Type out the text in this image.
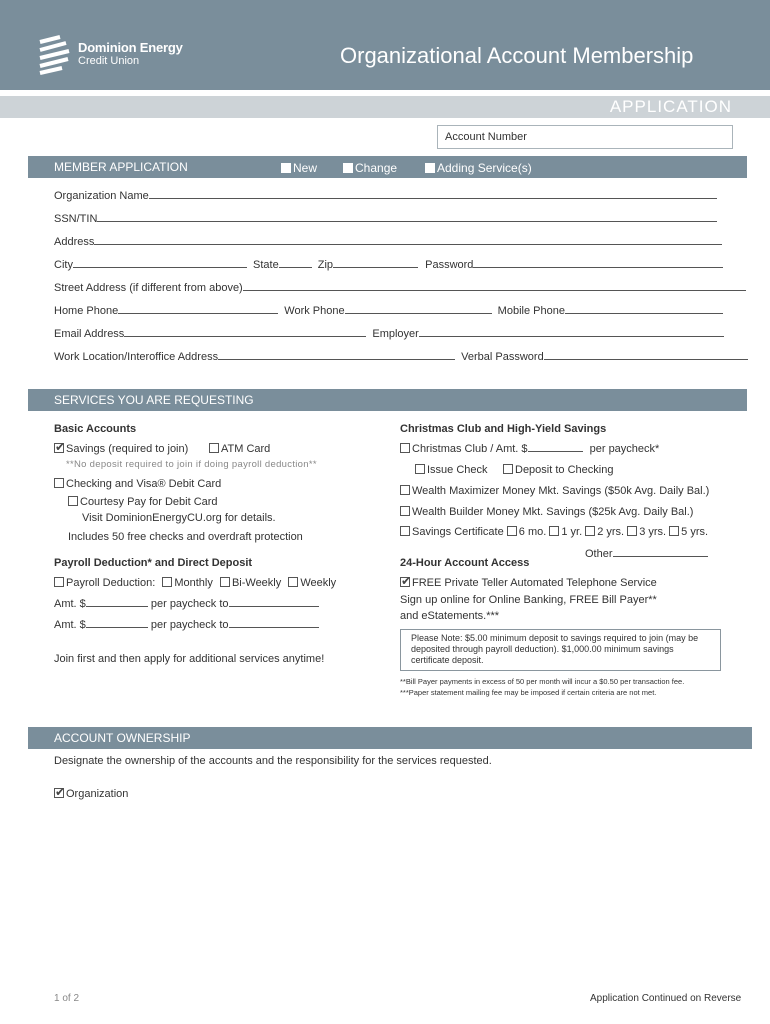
Dominion Energy
Credit Union	Organizational Account Membership
APPLICATION
Account Number
MEMBER APPLICATION	New	Change	Adding Service(s)
Organization Name
SSN/TIN
Address
City	State	Zip	Password
Street Address (if different from above)
Home Phone	Work Phone	Mobile Phone
Email Address	Employer
Work Location/Interoffice Address	Verbal Password
SERVICES YOU ARE REQUESTING
Basic Accounts
✔Savings (required to join)	ATM Card
**No deposit required to join if doing payroll deduction**
Checking and Visa® Debit Card
Courtesy Pay for Debit Card
Visit DominionEnergyCU.org for details.
Includes 50 free checks and overdraft protection
Payroll Deduction* and Direct Deposit
Payroll Deduction: Monthly Bi-Weekly Weekly
Amt. $	per paycheck to
Amt. $	per paycheck to
Join first and then apply for additional services anytime!
Christmas Club and High-Yield Savings
Christmas Club / Amt. $	per paycheck*
Issue Check	Deposit to Checking
Wealth Maximizer Money Mkt. Savings ($50k Avg. Daily Bal.)
Wealth Builder Money Mkt. Savings ($25k Avg. Daily Bal.)
Savings Certificate 6 mo. 1 yr. 2 yrs. 3 yrs. 5 yrs.
Other
24-Hour Account Access
✔FREE Private Teller Automated Telephone Service
Sign up online for Online Banking, FREE Bill Payer**
and eStatements.***
Please Note: $5.00 minimum deposit to savings required to join (may be deposited through payroll deduction). $1,000.00 minimum savings certificate deposit.
**Bill Payer payments in excess of 50 per month will incur a $0.50 per transaction fee.
***Paper statement mailing fee may be imposed if certain criteria are not met.
ACCOUNT OWNERSHIP
Designate the ownership of the accounts and the responsibility for the services requested.
✔Organization
1 of 2	Application Continued on Reverse
